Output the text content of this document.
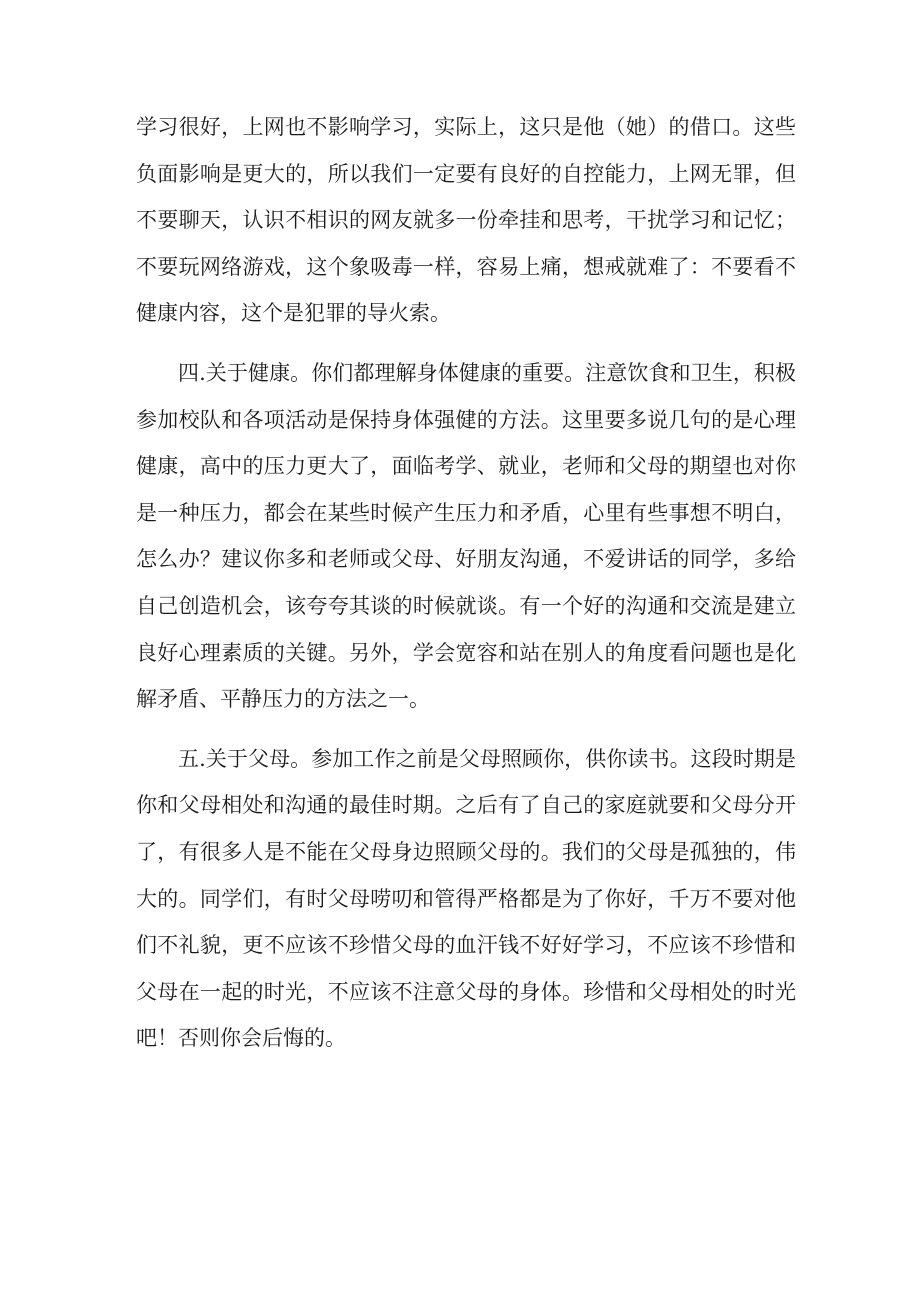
学习很好，上网也不影响学习，实际上，这只是他（她）的借口。这些负面影响是更大的，所以我们一定要有良好的自控能力，上网无罪，但不要聊天，认识不相识的网友就多一份牵挂和思考，干扰学习和记忆；不要玩网络游戏，这个象吸毒一样，容易上痛，想戒就难了：不要看不健康内容，这个是犯罪的导火索。

四.关于健康。你们都理解身体健康的重要。注意饮食和卫生，积极参加校队和各项活动是保持身体强健的方法。这里要多说几句的是心理健康，高中的压力更大了，面临考学、就业，老师和父母的期望也对你是一种压力，都会在某些时候产生压力和矛盾，心里有些事想不明白，怎么办？建议你多和老师或父母、好朋友沟通，不爱讲话的同学，多给自己创造机会，该夸夸其谈的时候就谈。有一个好的沟通和交流是建立良好心理素质的关键。另外，学会宽容和站在别人的角度看问题也是化解矛盾、平静压力的方法之一。

五.关于父母。参加工作之前是父母照顾你，供你读书。这段时期是你和父母相处和沟通的最佳时期。之后有了自己的家庭就要和父母分开了，有很多人是不能在父母身边照顾父母的。我们的父母是孤独的，伟大的。同学们，有时父母唠叨和管得严格都是为了你好，千万不要对他们不礼貌，更不应该不珍惜父母的血汗钱不好好学习，不应该不珍惜和父母在一起的时光，不应该不注意父母的身体。珍惜和父母相处的时光吧！否则你会后悔的。
